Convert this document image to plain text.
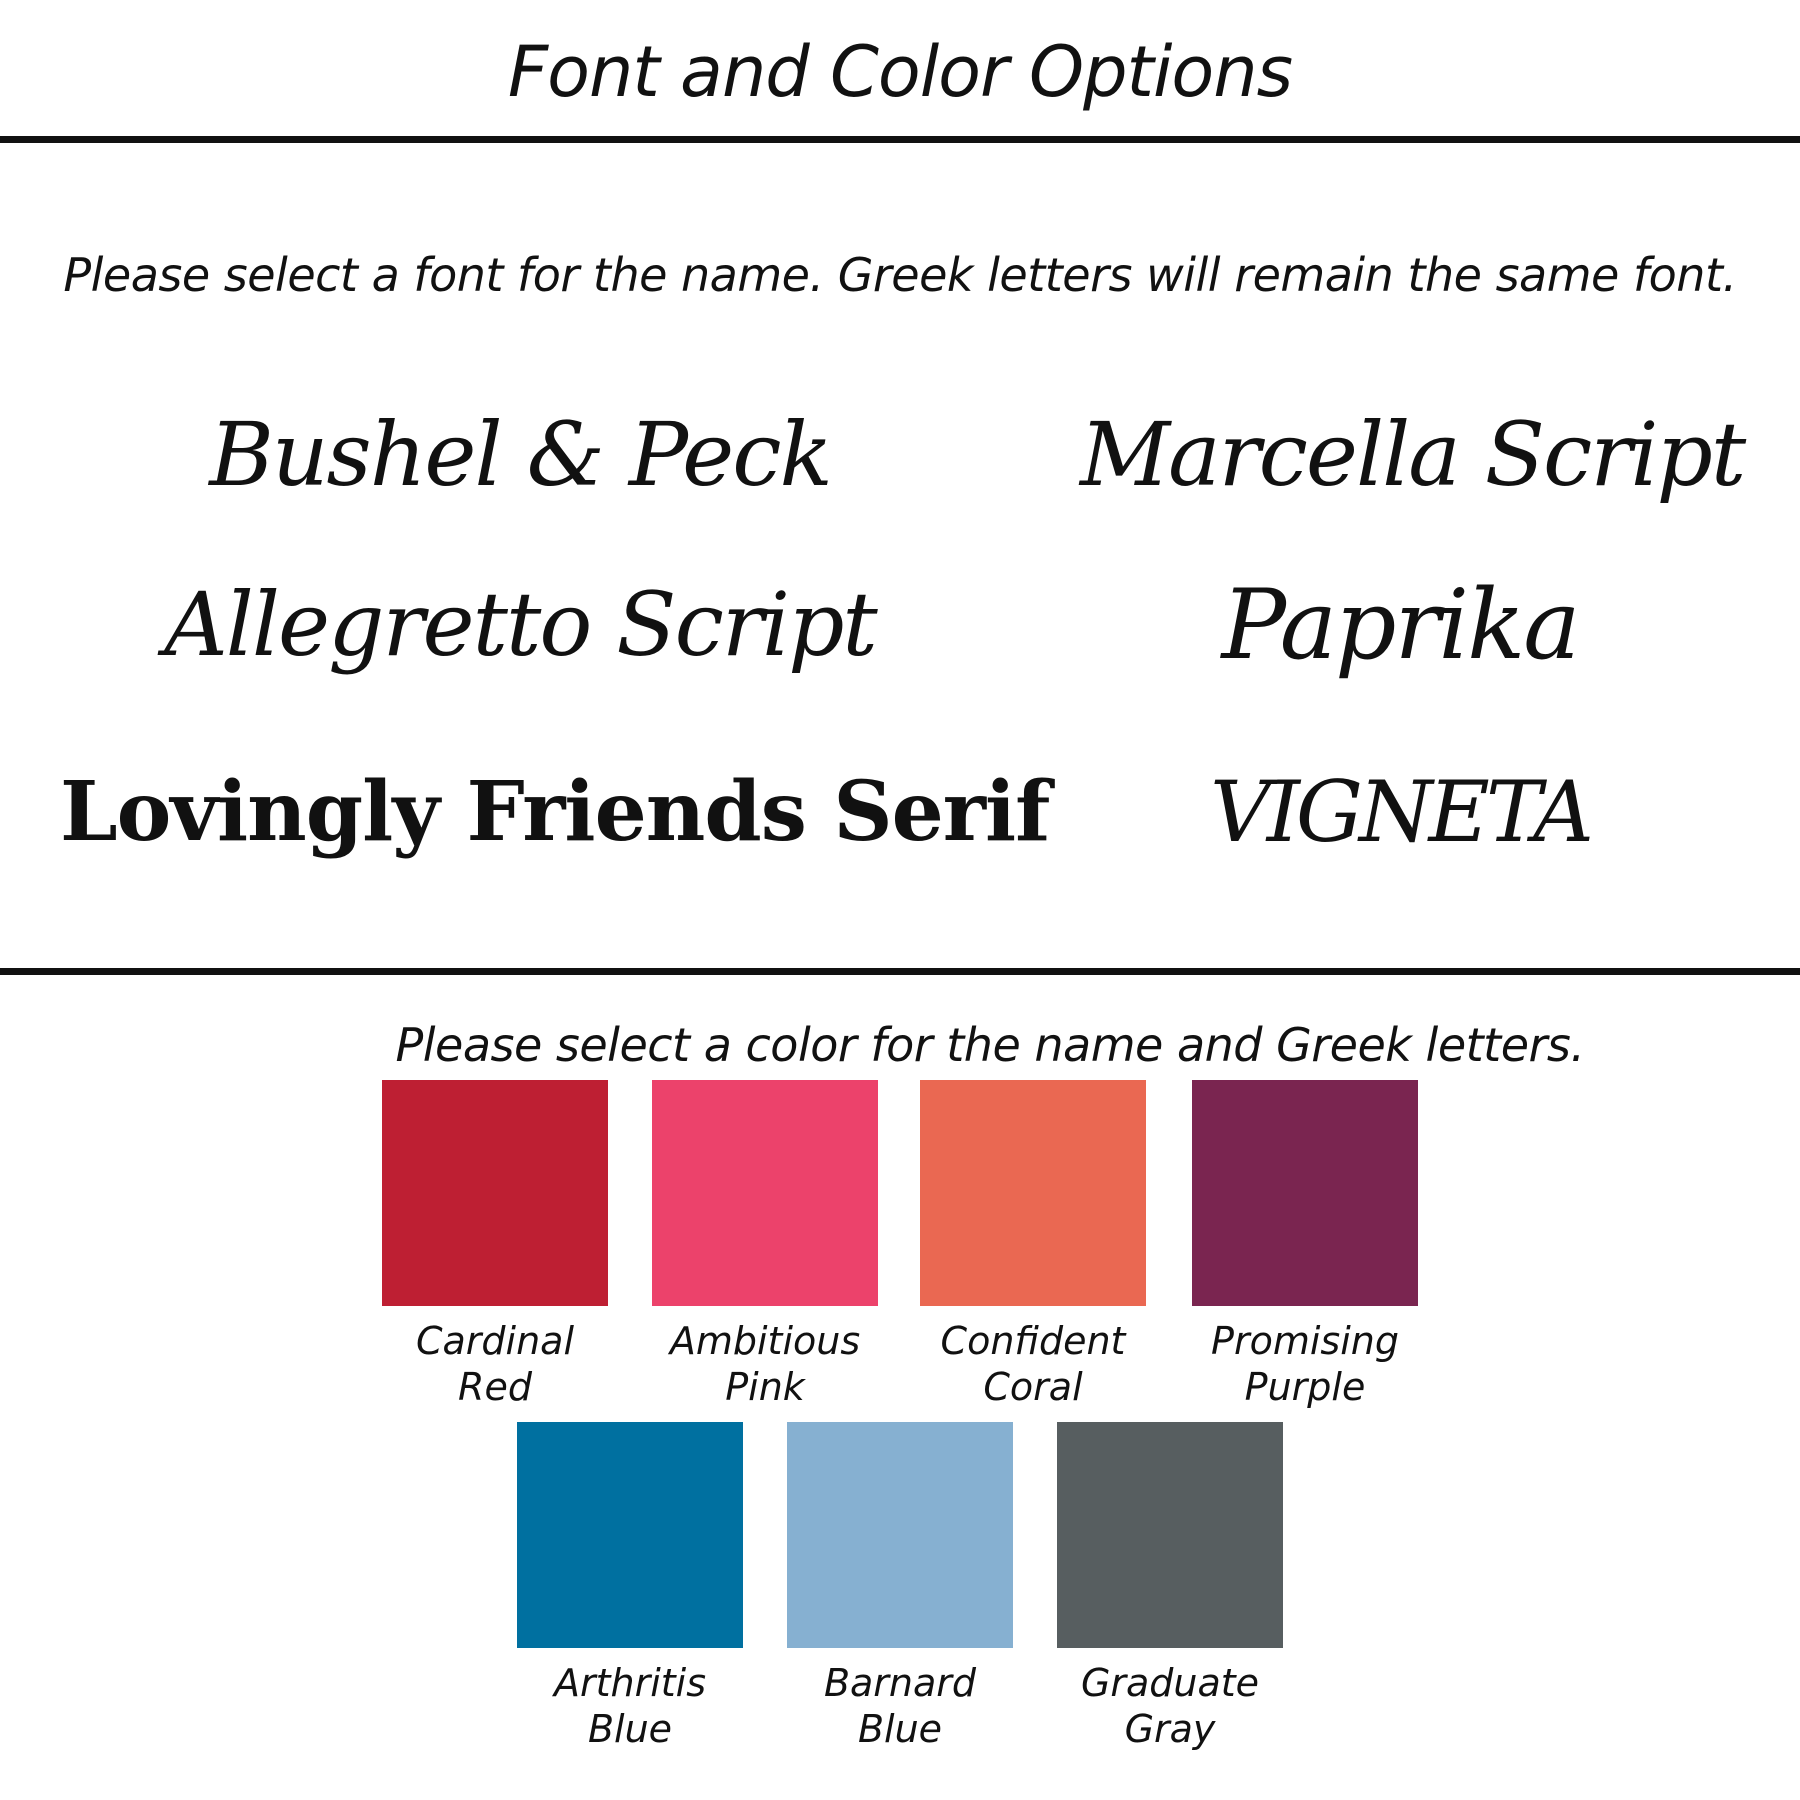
Font and Color Options
Please select a font for the name. Greek letters will remain the same font.
Bushel & Peck	Marcella Script
Allegretto Script	Paprika
Lovingly Friends Serif	VIGNETA
Please select a color for the name and Greek letters.
Cardinal
Red
Ambitious
Pink
Confident
Coral
Promising
Purple
Arthritis
Blue
Barnard
Blue
Graduate
Gray
